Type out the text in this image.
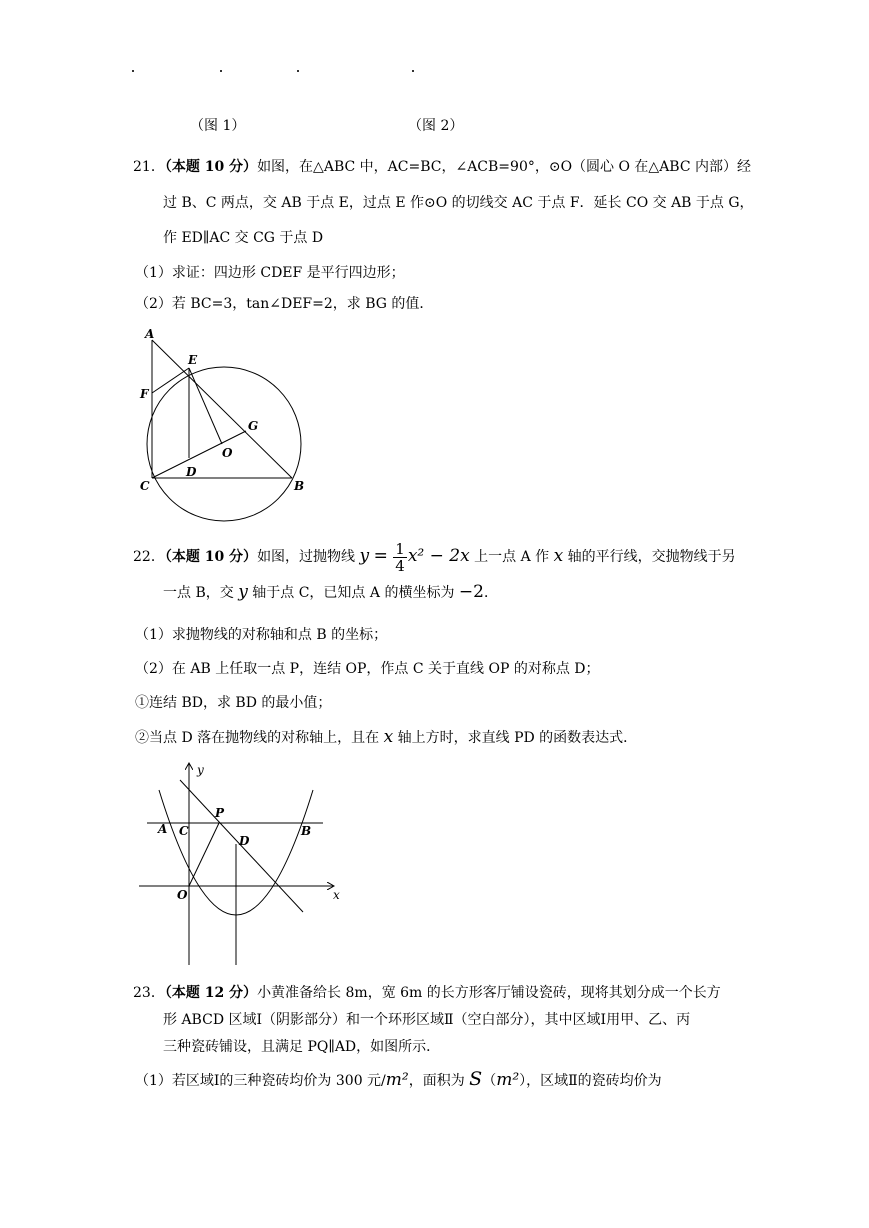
（图 1）	（图 2）
21．（本题 10 分）如图，在△ABC 中，AC=BC，∠ACB=90°，⊙O（圆心 O 在△ABC 内部）经
过 B、C 两点，交 AB 于点 E，过点 E 作⊙O 的切线交 AC 于点 F．延长 CO 交 AB 于点 G，
作 ED∥AC 交 CG 于点 D
（1）求证：四边形 CDEF 是平行四边形；
（2）若 BC=3，tan∠DEF=2，求 BG 的值．
A
E
F
G
O
D
C	B
22．（本题 10 分）如图，过抛物线 $y = \frac{1}{4} x^2 - 2x$ 上一点 A 作 x 轴的平行线，交抛物线于另
一点 B，交 y 轴于点 C，已知点 A 的横坐标为 −2．
（1）求抛物线的对称轴和点 B 的坐标；
（2）在 AB 上任取一点 P，连结 OP，作点 C 关于直线 OP 的对称点 D；
①连结 BD，求 BD 的最小值；
②当点 D 落在抛物线的对称轴上，且在 x 轴上方时，求直线 PD 的函数表达式．
y
x
P
A C	B
D
O
23．（本题 12 分）小黄准备给长 8m，宽 6m 的长方形客厅铺设瓷砖，现将其划分成一个长方
形 ABCD 区域Ⅰ（阴影部分）和一个环形区域Ⅱ（空白部分），其中区域Ⅰ用甲、乙、丙
三种瓷砖铺设，且满足 PQ∥AD，如图所示．
（1）若区域Ⅰ的三种瓷砖均价为 300 元/m²，面积为 S（m²），区域Ⅱ的瓷砖均价为
